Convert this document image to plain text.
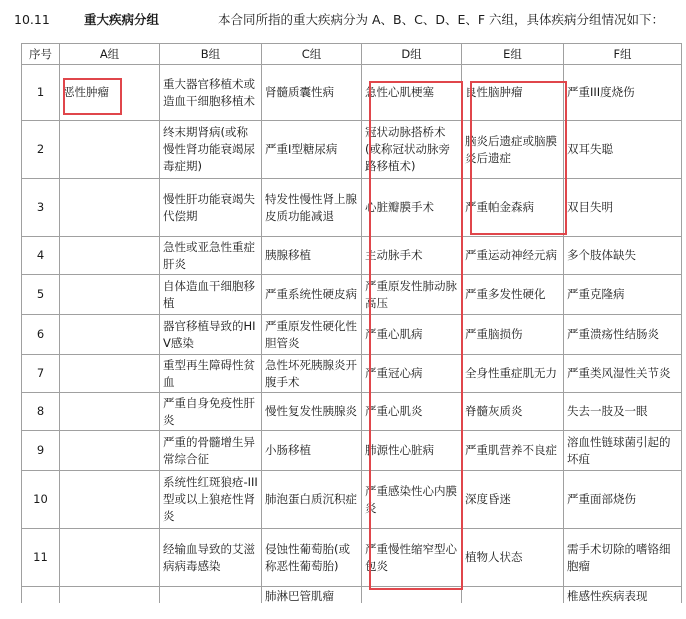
10.11	重大疾病分组	本合同所指的重大疾病分为 A、B、C、D、E、F 六组，具体疾病分组情况如下：
序号	A组	B组	C组	D组	E组	F组
1	恶性肿瘤	重大器官移植术或造血干细胞移植术	肾髓质囊性病	急性心肌梗塞	良性脑肿瘤	严重III度烧伤
2		终末期肾病(或称慢性肾功能衰竭尿毒症期)	严重I型糖尿病	冠状动脉搭桥术(或称冠状动脉旁路移植术)	脑炎后遗症或脑膜炎后遗症	双耳失聪
3		慢性肝功能衰竭失代偿期	特发性慢性肾上腺皮质功能减退	心脏瓣膜手术	严重帕金森病	双目失明
4		急性或亚急性重症肝炎	胰腺移植	主动脉手术	严重运动神经元病	多个肢体缺失
5		自体造血干细胞移植	严重系统性硬皮病	严重原发性肺动脉高压	严重多发性硬化	严重克隆病
6		器官移植导致的HIV感染	严重原发性硬化性胆管炎	严重心肌病	严重脑损伤	严重溃疡性结肠炎
7		重型再生障碍性贫血	急性坏死胰腺炎开腹手术	严重冠心病	全身性重症肌无力	严重类风湿性关节炎
8		严重自身免疫性肝炎	慢性复发性胰腺炎	严重心肌炎	脊髓灰质炎	失去一肢及一眼
9		严重的骨髓增生异常综合征	小肠移植	肺源性心脏病	严重肌营养不良症	溶血性链球菌引起的坏疽
10		系统性红斑狼疮-III型或以上狼疮性肾炎	肺泡蛋白质沉积症	严重感染性心内膜炎	深度昏迷	严重面部烧伤
11		经输血导致的艾滋病病毒感染	侵蚀性葡萄胎(或称恶性葡萄胎)	严重慢性缩窄型心包炎	植物人状态	需手术切除的嗜铬细胞瘤
			肺淋巴管肌瘤			椎感性疾病表现
